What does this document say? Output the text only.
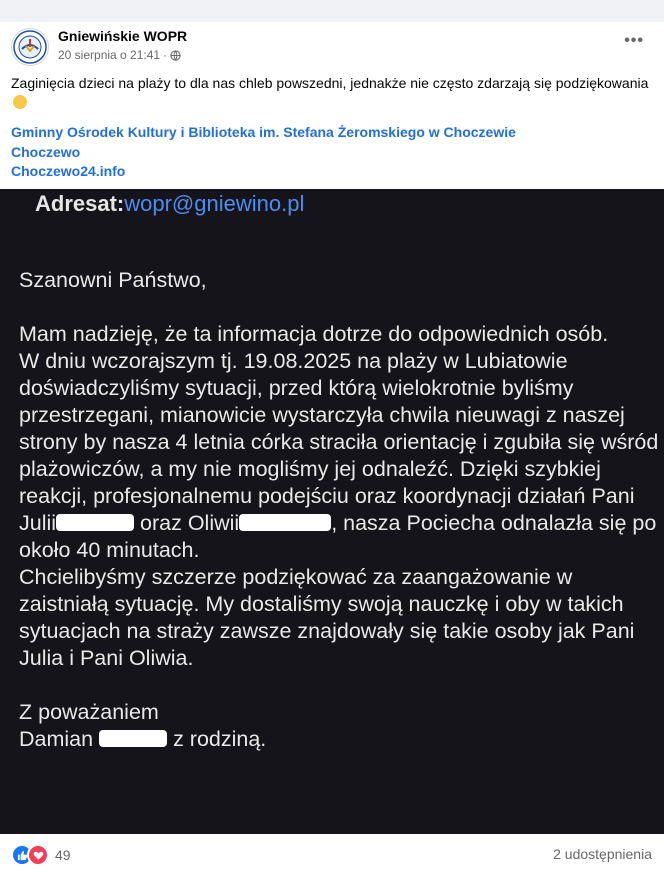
Gniewińskie WOPR
20 sierpnia o 21:41 ·
•••
Zaginięcia dzieci na plaży to dla nas chleb powszedni, jednakże nie często zdarzają się podziękowania
Gminny Ośrodek Kultury i Biblioteka im. Stefana Żeromskiego w Choczewie
Choczewo
Choczewo24.info
Adresat:wopr@gniewino.pl
Szanowni Państwo,

Mam nadzieję, że ta informacja dotrze do odpowiednich osób.
W dniu wczorajszym tj. 19.08.2025 na plaży w Lubiatowie doświadczyliśmy sytuacji, przed którą wielokrotnie byliśmy przestrzegani, mianowicie wystarczyła chwila nieuwagi z naszej strony by nasza 4 letnia córka straciła orientację i zgubiła się wśród plażowiczów, a my nie mogliśmy jej odnaleźć. Dzięki szybkiej reakcji, profesjonalnemu podejściu oraz koordynacji działań Pani Julii	oraz Oliwii	, nasza Pociecha odnalazła się po około 40 minutach.
Chcielibyśmy szczerze podziękować za zaangażowanie w zaistniałą sytuację. My dostaliśmy swoją nauczkę i oby w takich sytuacjach na straży zawsze znajdowały się takie osoby jak Pani Julia i Pani Oliwia.

Z poważaniem
Damian	z rodziną.
49	2 udostępnienia
